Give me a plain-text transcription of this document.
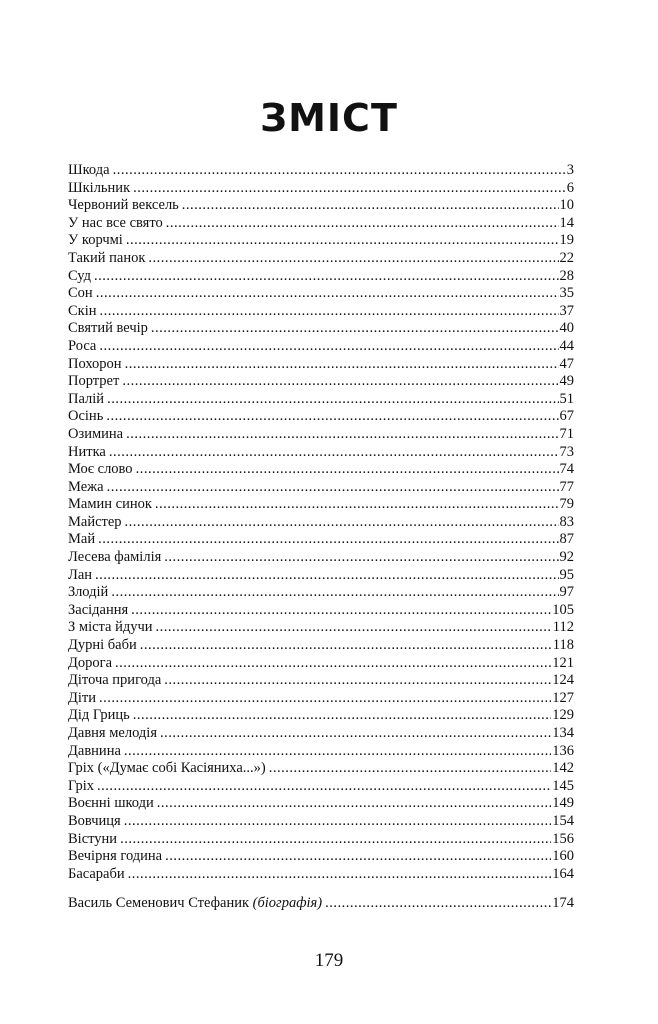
ЗМІСТ
Шкода .....	3
Шкільник .....	6
Червоний вексель .....	10
У нас все свято .....	14
У корчмі .....	19
Такий панок .....	22
Суд .....	28
Сон .....	35
Скін .....	37
Святий вечір .....	40
Роса .....	44
Похорон .....	47
Портрет .....	49
Палій .....	51
Осінь .....	67
Озимина .....	71
Нитка .....	73
Моє слово .....	74
Межа .....	77
Мамин синок .....	79
Майстер .....	83
Май .....	87
Лесева фамілія .....	92
Лан .....	95
Злодій .....	97
Засідання .....	105
З міста йдучи .....	112
Дурні баби .....	118
Дорога .....	121
Діточа пригода .....	124
Діти .....	127
Дід Гриць .....	129
Давня мелодія .....	134
Давнина .....	136
Гріх («Думає собі Касіяниха...») .....	142
Гріх .....	145
Воєнні шкоди .....	149
Вовчиця .....	154
Вістуни .....	156
Вечірня година .....	160
Басараби .....	164
Василь Семенович Стефаник (біографія) .....	174
179
